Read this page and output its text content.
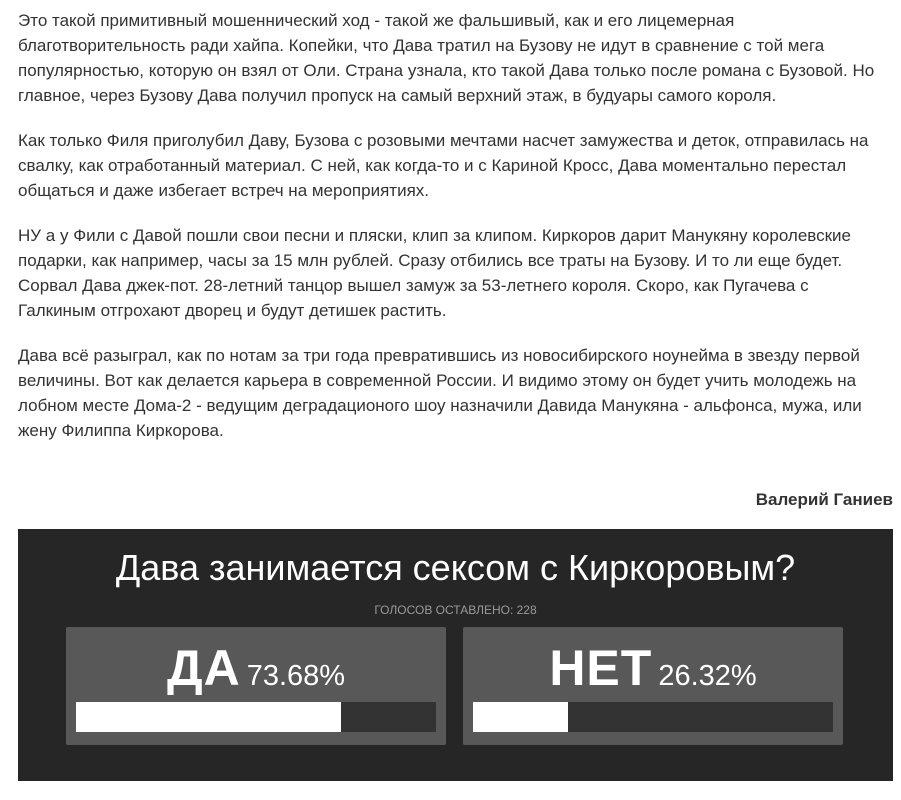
Это такой примитивный мошеннический ход - такой же фальшивый, как и его лицемерная благотворительность ради хайпа. Копейки, что Дава тратил на Бузову не идут в сравнение с той мега популярностью, которую он взял от Оли. Страна узнала, кто такой Дава только после романа с Бузовой. Но главное, через Бузову Дава получил пропуск на самый верхний этаж, в будуары самого короля.

Как только Филя приголубил Даву, Бузова с розовыми мечтами насчет замужества и деток, отправилась на свалку, как отработанный материал. С ней, как когда-то и с Кариной Кросс, Дава моментально перестал общаться и даже избегает встреч на мероприятиях.

НУ а у Фили с Давой пошли свои песни и пляски, клип за клипом. Киркоров дарит Манукяну королевские подарки, как например, часы за 15 млн рублей. Сразу отбились все траты на Бузову. И то ли еще будет. Сорвал Дава джек-пот. 28-летний танцор вышел замуж за 53-летнего короля. Скоро, как Пугачева с Галкиным отгрохают дворец и будут детишек растить.

Дава всё разыграл, как по нотам за три года превратившись из новосибирского ноунейма в звезду первой величины. Вот как делается карьера в современной России. И видимо этому он будет учить молодежь на лобном месте Дома-2 - ведущим деградационого шоу назначили Давида Манукяна - альфонса, мужа, или жену Филиппа Киркорова.

Валерий Ганиев
Дава занимается сексом с Киркоровым?
ГОЛОСОВ ОСТАВЛЕНО: 228
ДА 73.68%	НЕТ 26.32%
